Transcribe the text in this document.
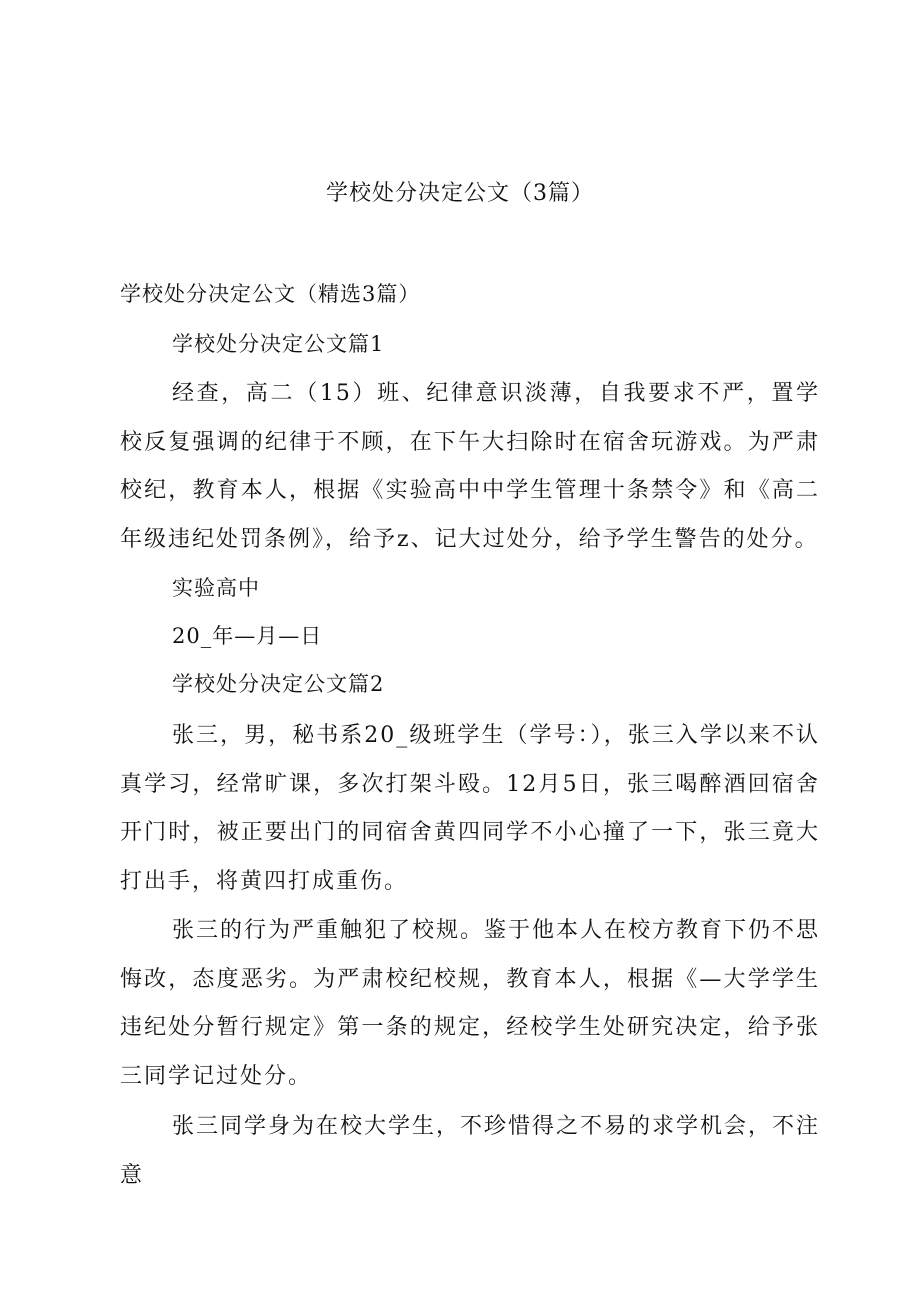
学校处分决定公文（3篇）
学校处分决定公文（精选3篇）
学校处分决定公文篇1
经查，高二（15）班、纪律意识淡薄，自我要求不严，置学校反复强调的纪律于不顾，在下午大扫除时在宿舍玩游戏。为严肃校纪，教育本人，根据《实验高中中学生管理十条禁令》和《高二年级违纪处罚条例》，给予z、记大过处分，给予学生警告的处分。
实验高中
20_年—月—日
学校处分决定公文篇2
张三，男，秘书系20_级班学生（学号：），张三入学以来不认真学习，经常旷课，多次打架斗殴。12月5日，张三喝醉酒回宿舍开门时，被正要出门的同宿舍黄四同学不小心撞了一下，张三竟大打出手，将黄四打成重伤。
张三的行为严重触犯了校规。鉴于他本人在校方教育下仍不思悔改，态度恶劣。为严肃校纪校规，教育本人，根据《—大学学生违纪处分暂行规定》第一条的规定，经校学生处研究决定，给予张三同学记过处分。
张三同学身为在校大学生，不珍惜得之不易的求学机会，不注意
